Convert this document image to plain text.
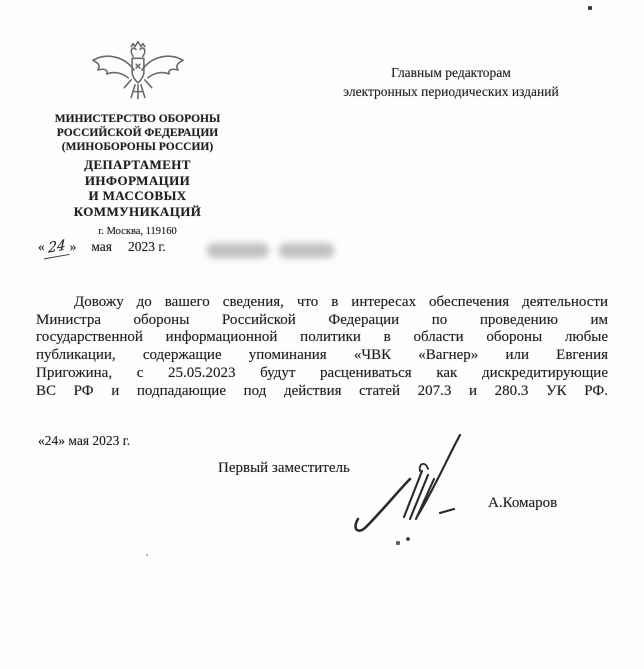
МИНИСТЕРСТВО ОБОРОНЫ
РОССИЙСКОЙ ФЕДЕРАЦИИ
(МИНОБОРОНЫ РОССИИ)
ДЕПАРТАМЕНТ
ИНФОРМАЦИИ
И МАССОВЫХ
КОММУНИКАЦИЙ
г. Москва, 119160
Главным редакторам
электронных периодических изданий
« 24 » мая 2023 г.
Довожу до вашего сведения, что в интересах обеспечения деятельности
Министра обороны Российской Федерации по проведению им
государственной информационной политики в области обороны любые
публикации, содержащие упоминания «ЧВК «Вагнер» или Евгения
Пригожина, с 25.05.2023 будут расцениваться как дискредитирующие
ВС РФ и подпадающие под действия статей 207.3 и 280.3 УК РФ.
«24» мая 2023 г.
Первый заместитель
А.Комаров
